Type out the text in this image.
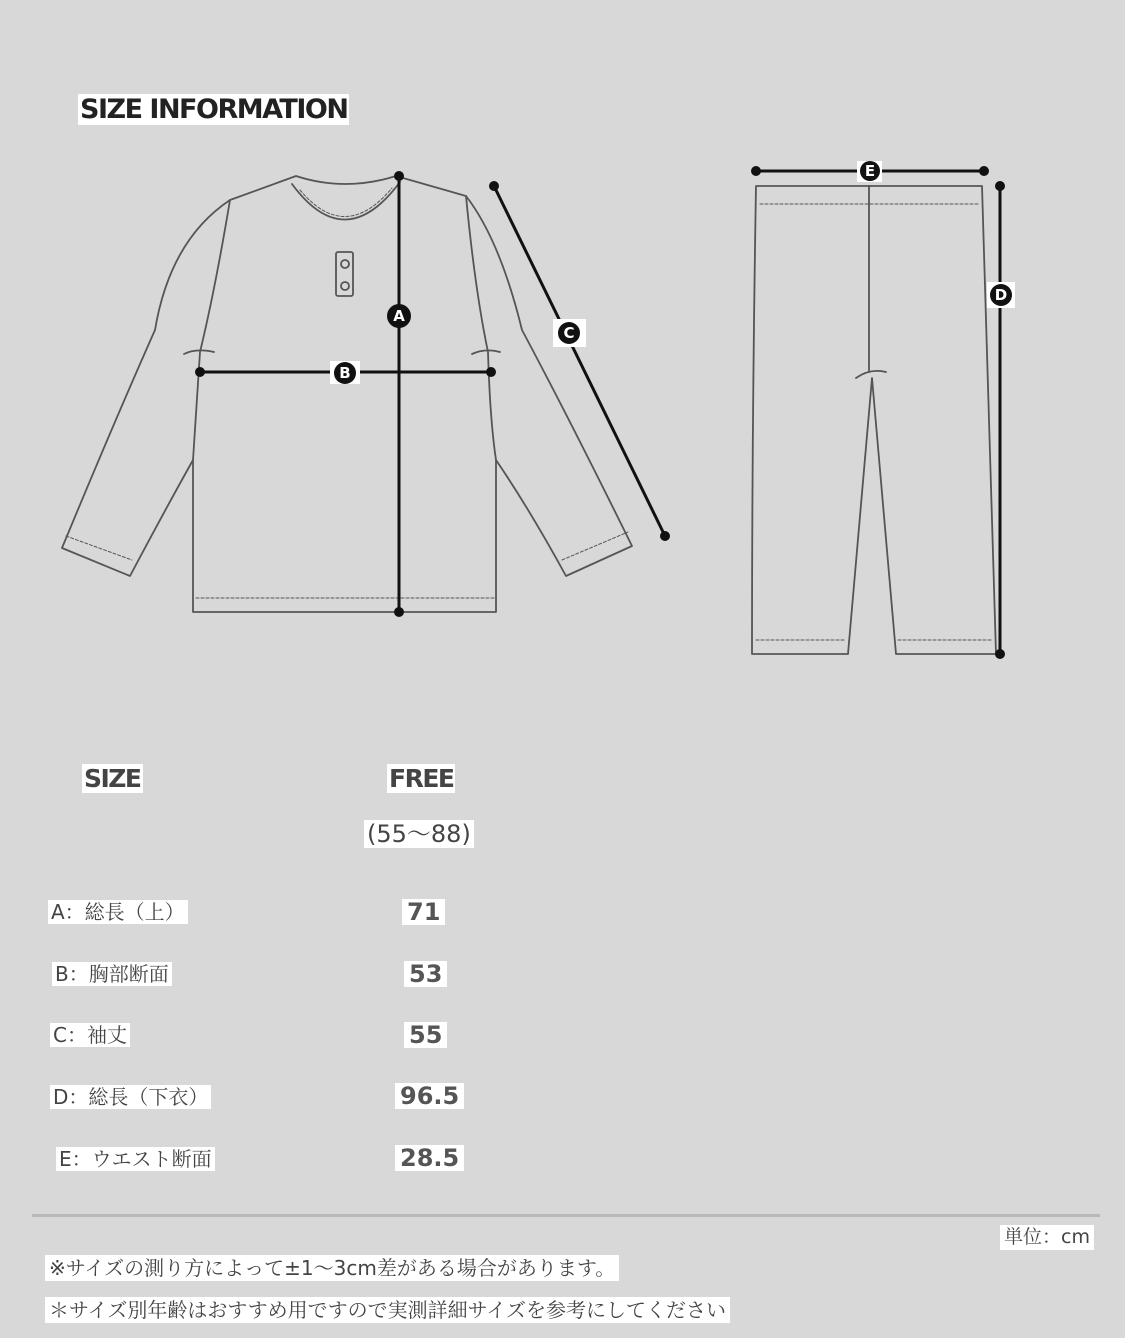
SIZE INFORMATION
A
B
C
D
E
SIZE	FREE
(55〜88)
A：総長（上）	71
B：胸部断面	53
C：袖丈	55
D：総長（下衣）	96.5
E：ウエスト断面	28.5
単位：cm
※サイズの測り方によって±1〜3cm差がある場合があります。
＊サイズ別年齢はおすすめ用ですので実測詳細サイズを参考にしてください
